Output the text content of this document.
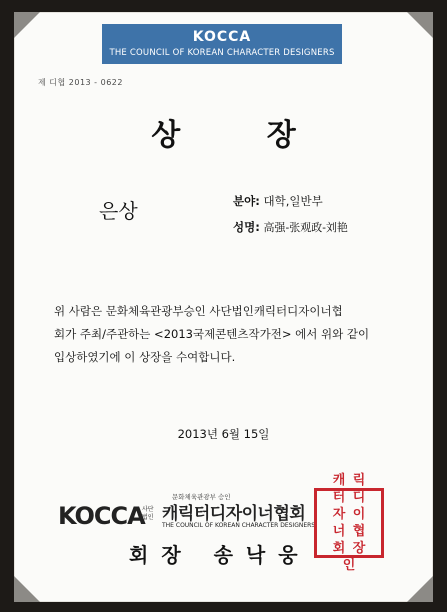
KOCCA
THE COUNCIL OF KOREAN CHARACTER DESIGNERS
제 디협 2013 - 0622
상 장
은상	분야: 대학,일반부
성명: 高强-张观政-刘艳
위 사람은 문화체육관광부승인 사단법인캐릭터디자이너협
회가 주최/주관하는 <2013국제콘텐츠작가전> 에서 위와 같이
입상하였기에 이 상장을 수여합니다.
2013년 6월 15일
문화체육관광부 승인
KOCCA
사단
법인 캐릭터디자이너협회
THE COUNCIL OF KOREAN CHARACTER DESIGNERS
회장 송낙웅
캐 릭
터 디
자 이
너 협
회 장
인
